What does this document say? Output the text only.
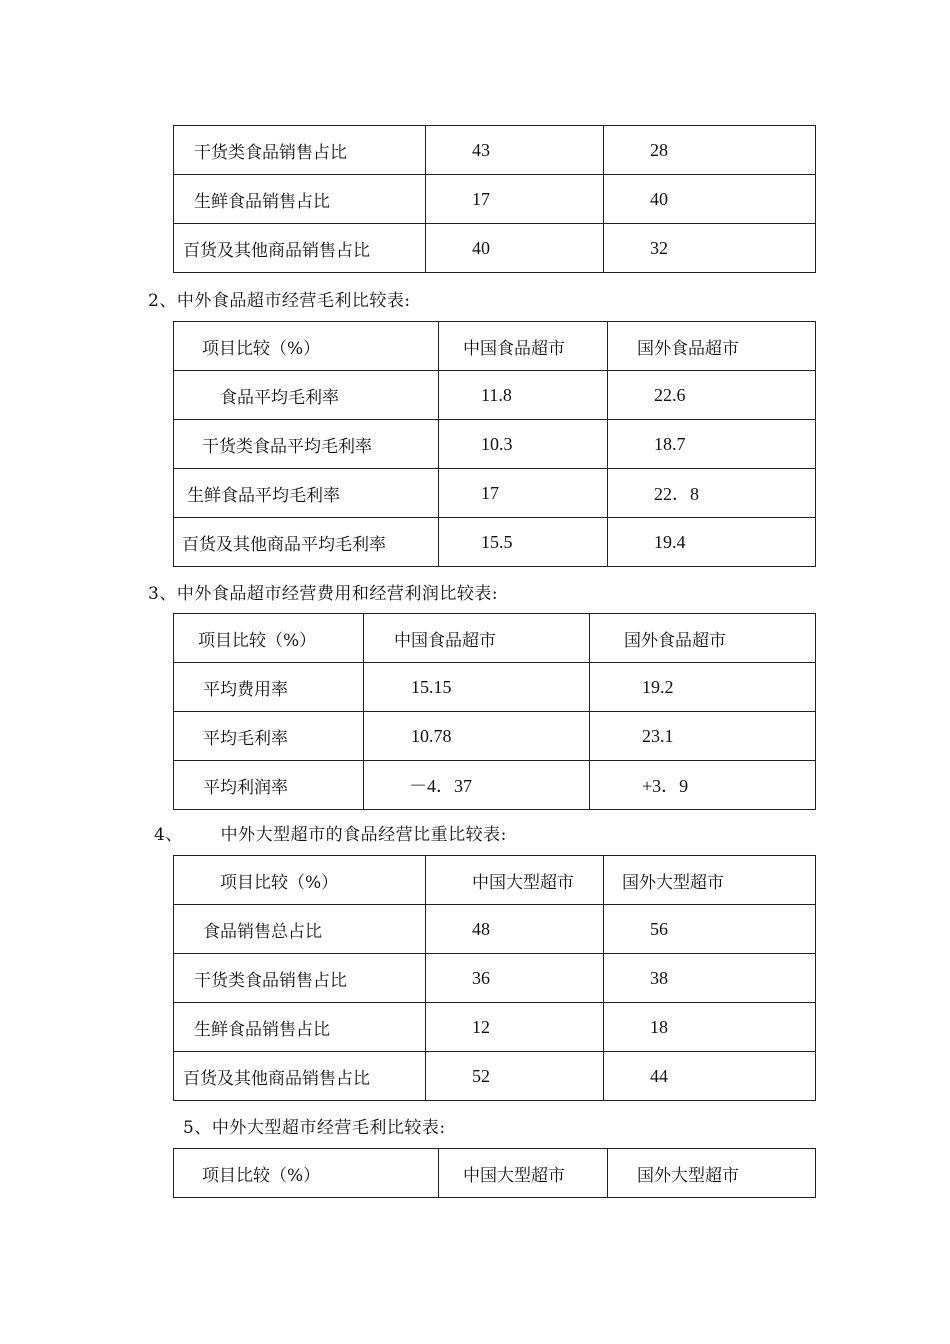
干货类食品销售占比	43	28
生鲜食品销售占比	17	40
百货及其他商品销售占比	40	32
2、中外食品超市经营毛利比较表:
项目比较（%）	中国食品超市	国外食品超市
食品平均毛利率	11.8	22.6
干货类食品平均毛利率	10.3	18.7
生鲜食品平均毛利率	17	22．8
百货及其他商品平均毛利率	15.5	19.4
3、中外食品超市经营费用和经营利润比较表:
项目比较（%）	中国食品超市	国外食品超市
平均费用率	15.15	19.2
平均毛利率	10.78	23.1
平均利润率	－4．37	+3．9
4、 中外大型超市的食品经营比重比较表:
项目比较（%）	中国大型超市	国外大型超市
食品销售总占比	48	56
干货类食品销售占比	36	38
生鲜食品销售占比	12	18
百货及其他商品销售占比	52	44
5、中外大型超市经营毛利比较表:
项目比较（%）	中国大型超市	国外大型超市
